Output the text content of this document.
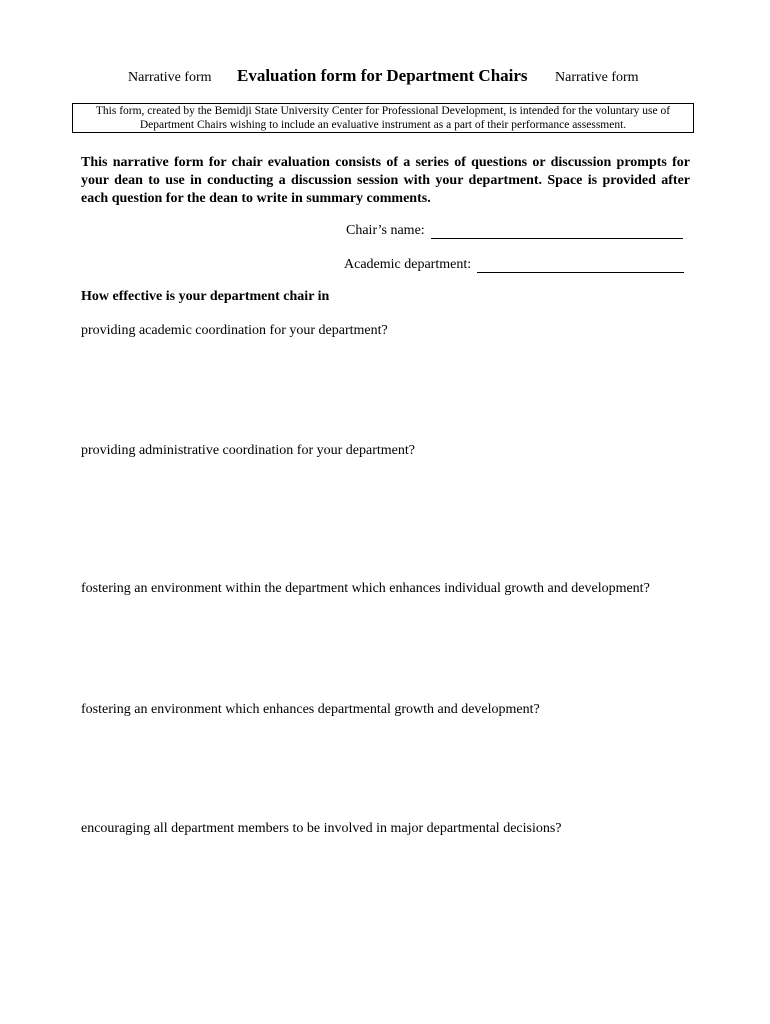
Narrative form Evaluation form for Department Chairs Narrative form
This form, created by the Bemidji State University Center for Professional Development, is intended for the voluntary use of
Department Chairs wishing to include an evaluative instrument as a part of their performance assessment.
This narrative form for chair evaluation consists of a series of questions or discussion prompts for your dean to use in conducting a discussion session with your department. Space is provided after each question for the dean to write in summary comments.
Chair’s name:
Academic department:
How effective is your department chair in
providing academic coordination for your department?
providing administrative coordination for your department?
fostering an environment within the department which enhances individual growth and development?
fostering an environment which enhances departmental growth and development?
encouraging all department members to be involved in major departmental decisions?
